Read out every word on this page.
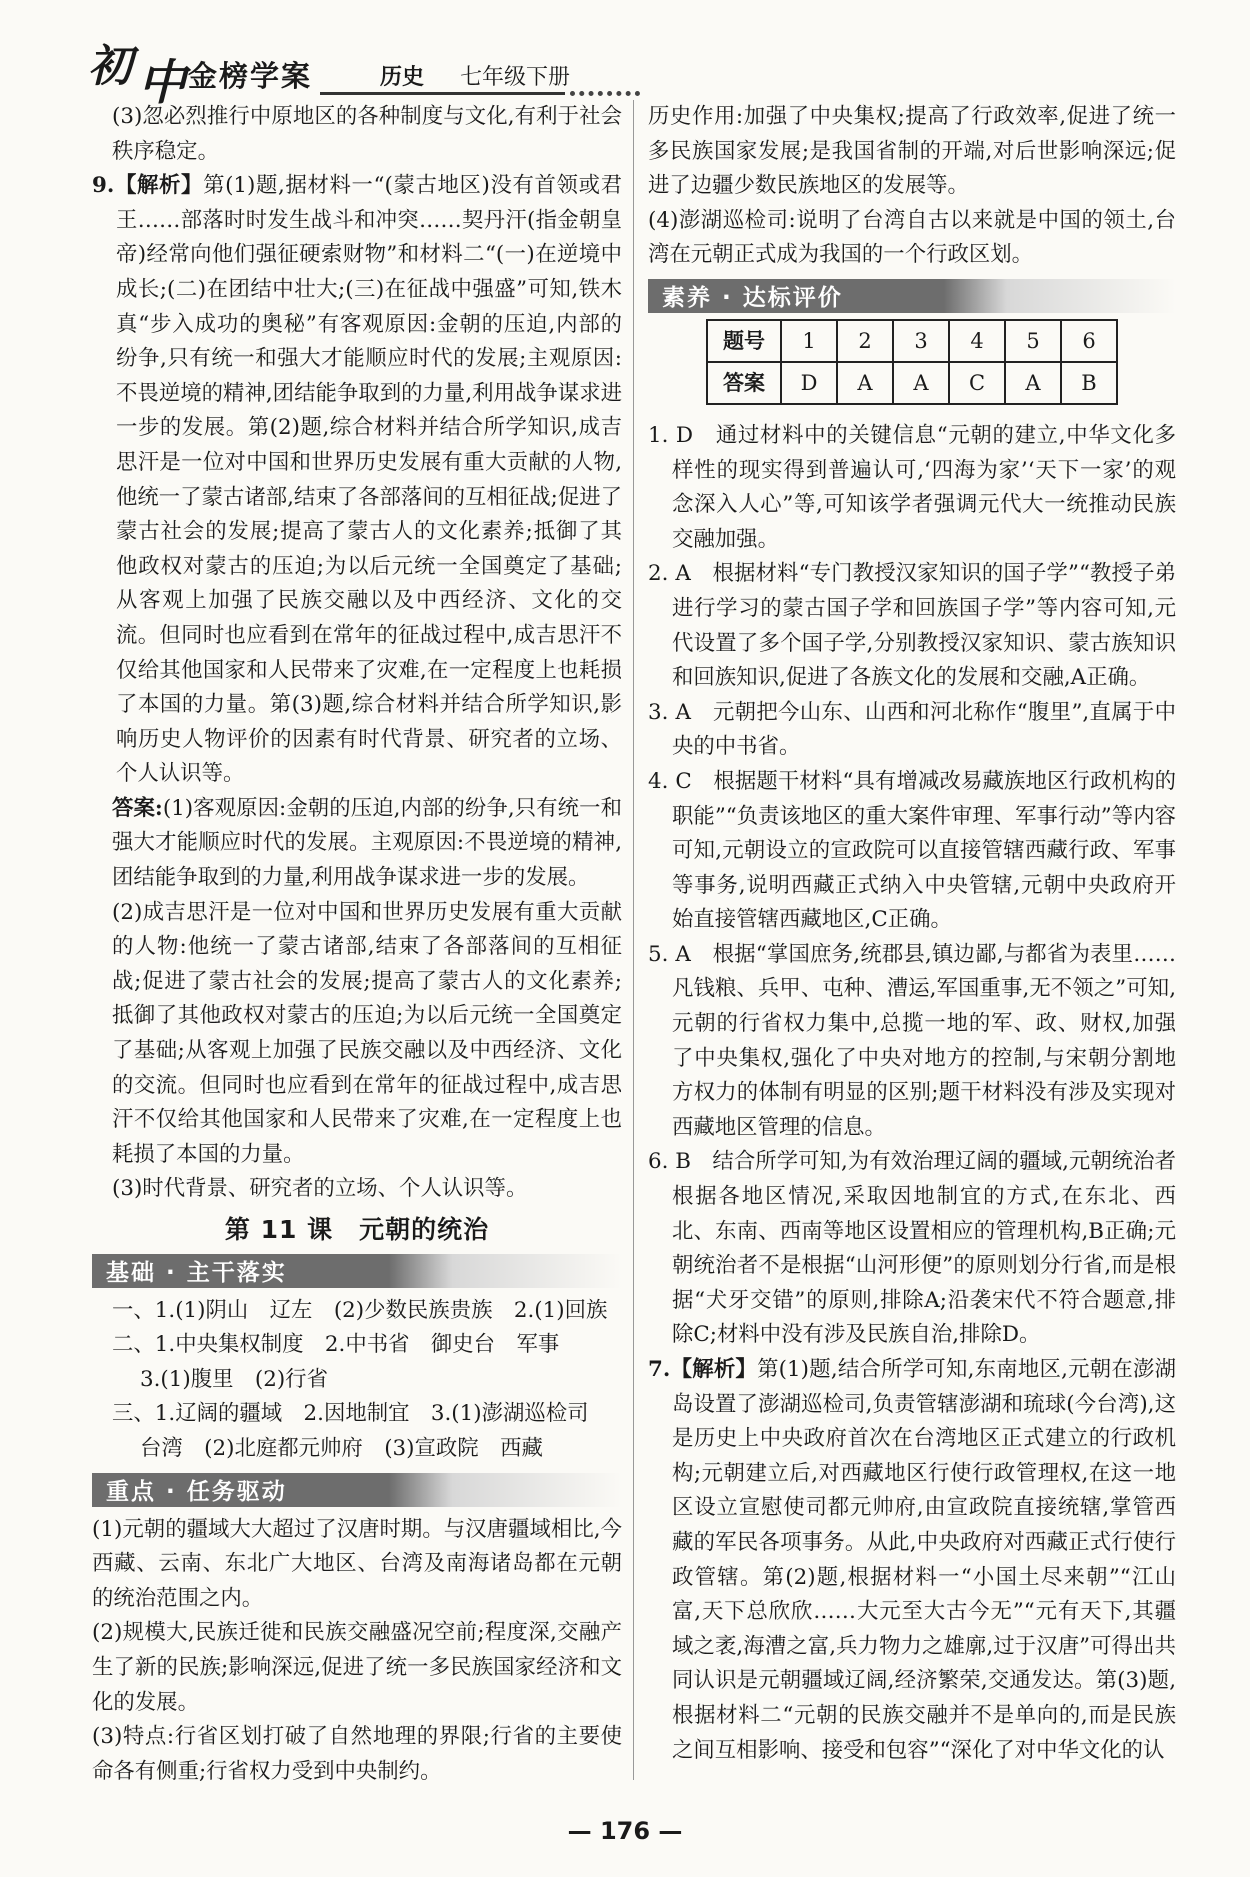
初 中 金榜学案	历史 七年级下册

(3)忽必烈推行中原地区的各种制度与文化,有利于社会秩序稳定。

9.【解析】第(1)题,据材料一“(蒙古地区)没有首领或君王……部落时时发生战斗和冲突……契丹汗(指金朝皇帝)经常向他们强征硬索财物”和材料二“(一)在逆境中成长;(二)在团结中壮大;(三)在征战中强盛”可知,铁木真“步入成功的奥秘”有客观原因:金朝的压迫,内部的纷争,只有统一和强大才能顺应时代的发展;主观原因:不畏逆境的精神,团结能争取到的力量,利用战争谋求进一步的发展。第(2)题,综合材料并结合所学知识,成吉思汗是一位对中国和世界历史发展有重大贡献的人物,他统一了蒙古诸部,结束了各部落间的互相征战;促进了蒙古社会的发展;提高了蒙古人的文化素养;抵御了其他政权对蒙古的压迫;为以后元统一全国奠定了基础;从客观上加强了民族交融以及中西经济、文化的交流。但同时也应看到在常年的征战过程中,成吉思汗不仅给其他国家和人民带来了灾难,在一定程度上也耗损了本国的力量。第(3)题,综合材料并结合所学知识,影响历史人物评价的因素有时代背景、研究者的立场、个人认识等。

答案:(1)客观原因:金朝的压迫,内部的纷争,只有统一和强大才能顺应时代的发展。主观原因:不畏逆境的精神,团结能争取到的力量,利用战争谋求进一步的发展。

(2)成吉思汗是一位对中国和世界历史发展有重大贡献的人物:他统一了蒙古诸部,结束了各部落间的互相征战;促进了蒙古社会的发展;提高了蒙古人的文化素养;抵御了其他政权对蒙古的压迫;为以后元统一全国奠定了基础;从客观上加强了民族交融以及中西经济、文化的交流。但同时也应看到在常年的征战过程中,成吉思汗不仅给其他国家和人民带来了灾难,在一定程度上也耗损了本国的力量。

(3)时代背景、研究者的立场、个人认识等。

第 11 课　元朝的统治
基础 · 主干落实

一、1.(1)阴山　辽左　(2)少数民族贵族　2.(1)回族

二、1.中央集权制度　2.中书省　御史台　军事

3.(1)腹里　(2)行省

三、1.辽阔的疆域　2.因地制宜　3.(1)澎湖巡检司

台湾　(2)北庭都元帅府　(3)宣政院　西藏

重点 · 任务驱动

(1)元朝的疆域大大超过了汉唐时期。与汉唐疆域相比,今西藏、云南、东北广大地区、台湾及南海诸岛都在元朝的统治范围之内。

(2)规模大,民族迁徙和民族交融盛况空前;程度深,交融产生了新的民族;影响深远,促进了统一多民族国家经济和文化的发展。

(3)特点:行省区划打破了自然地理的界限;行省的主要使命各有侧重;行省权力受到中央制约。

历史作用:加强了中央集权;提高了行政效率,促进了统一多民族国家发展;是我国省制的开端,对后世影响深远;促进了边疆少数民族地区的发展等。

(4)澎湖巡检司:说明了台湾自古以来就是中国的领土,台湾在元朝正式成为我国的一个行政区划。

素养 · 达标评价
题号	1	2	3	4	5	6
答案	D	A	A	C	A	B

1. D　通过材料中的关键信息“元朝的建立,中华文化多样性的现实得到普遍认可,‘四海为家’‘天下一家’的观念深入人心”等,可知该学者强调元代大一统推动民族交融加强。

2. A　根据材料“专门教授汉家知识的国子学”“教授子弟进行学习的蒙古国子学和回族国子学”等内容可知,元代设置了多个国子学,分别教授汉家知识、蒙古族知识和回族知识,促进了各族文化的发展和交融,A正确。

3. A　元朝把今山东、山西和河北称作“腹里”,直属于中央的中书省。

4. C　根据题干材料“具有增减改易藏族地区行政机构的职能”“负责该地区的重大案件审理、军事行动”等内容可知,元朝设立的宣政院可以直接管辖西藏行政、军事等事务,说明西藏正式纳入中央管辖,元朝中央政府开始直接管辖西藏地区,C正确。

5. A　根据“掌国庶务,统郡县,镇边鄙,与都省为表里……凡钱粮、兵甲、屯种、漕运,军国重事,无不领之”可知,元朝的行省权力集中,总揽一地的军、政、财权,加强了中央集权,强化了中央对地方的控制,与宋朝分割地方权力的体制有明显的区别;题干材料没有涉及实现对西藏地区管理的信息。

6. B　结合所学可知,为有效治理辽阔的疆域,元朝统治者根据各地区情况,采取因地制宜的方式,在东北、西北、东南、西南等地区设置相应的管理机构,B正确;元朝统治者不是根据“山河形便”的原则划分行省,而是根据“犬牙交错”的原则,排除A;沿袭宋代不符合题意,排除C;材料中没有涉及民族自治,排除D。

7.【解析】第(1)题,结合所学可知,东南地区,元朝在澎湖岛设置了澎湖巡检司,负责管辖澎湖和琉球(今台湾),这是历史上中央政府首次在台湾地区正式建立的行政机构;元朝建立后,对西藏地区行使行政管理权,在这一地区设立宣慰使司都元帅府,由宣政院直接统辖,掌管西藏的军民各项事务。从此,中央政府对西藏正式行使行政管辖。第(2)题,根据材料一“小国土尽来朝”“江山富,天下总欣欣……大元至大古今无”“元有天下,其疆域之袤,海漕之富,兵力物力之雄廓,过于汉唐”可得出共同认识是元朝疆域辽阔,经济繁荣,交通发达。第(3)题,根据材料二“元朝的民族交融并不是单向的,而是民族之间互相影响、接受和包容”“深化了对中华文化的认

— 176 —
